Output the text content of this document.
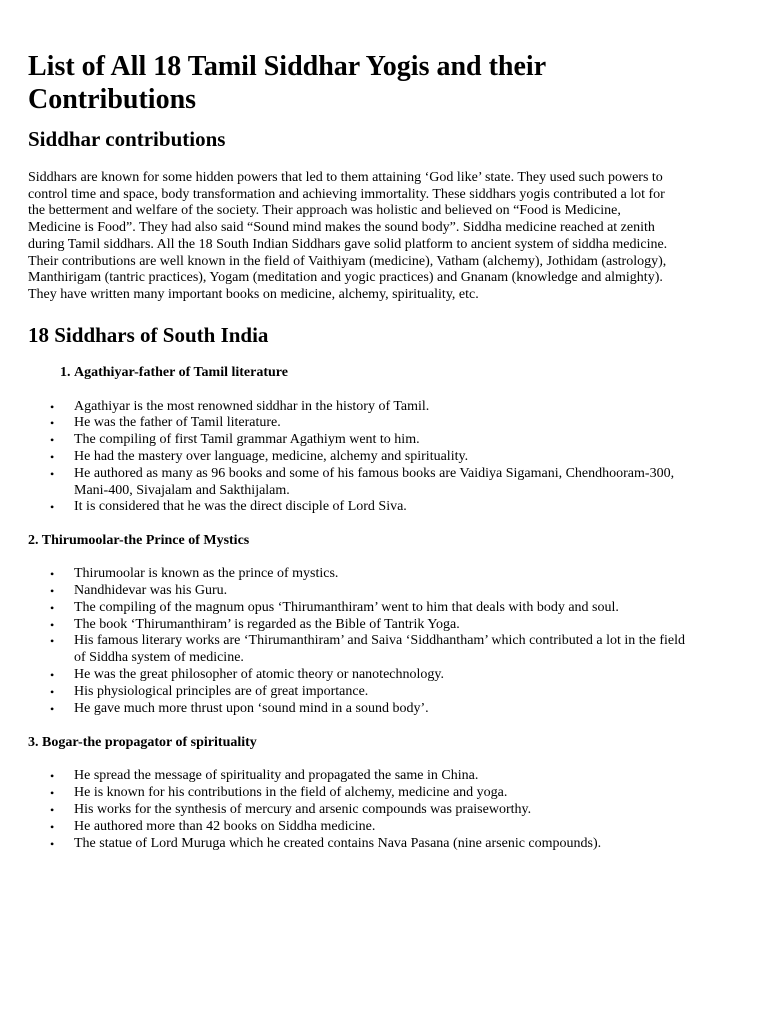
List of All 18 Tamil Siddhar Yogis and their Contributions
Siddhar contributions

Siddhars are known for some hidden powers that led to them attaining ‘God like’ state. They used such powers to control time and space, body transformation and achieving immortality. These siddhars yogis contributed a lot for the betterment and welfare of the society. Their approach was holistic and believed on “Food is Medicine, Medicine is Food”. They had also said “Sound mind makes the sound body”. Siddha medicine reached at zenith during Tamil siddhars. All the 18 South Indian Siddhars gave solid platform to ancient system of siddha medicine. Their contributions are well known in the field of Vaithiyam (medicine), Vatham (alchemy), Jothidam (astrology), Manthirigam (tantric practices), Yogam (meditation and yogic practices) and Gnanam (knowledge and almighty). They have written many important books on medicine, alchemy, spirituality, etc.

18 Siddhars of South India
1. Agathiyar-father of Tamil literature
• Agathiyar is the most renowned siddhar in the history of Tamil.
• He was the father of Tamil literature.
• The compiling of first Tamil grammar Agathiym went to him.
• He had the mastery over language, medicine, alchemy and spirituality.
• He authored as many as 96 books and some of his famous books are Vaidiya Sigamani, Chendhooram-300, Mani-400, Sivajalam and Sakthijalam.
• It is considered that he was the direct disciple of Lord Siva.

2. Thirumoolar-the Prince of Mystics

• Thirumoolar is known as the prince of mystics.
• Nandhidevar was his Guru.
• The compiling of the magnum opus ‘Thirumanthiram’ went to him that deals with body and soul.
• The book ‘Thirumanthiram’ is regarded as the Bible of Tantrik Yoga.
• His famous literary works are ‘Thirumanthiram’ and Saiva ‘Siddhantham’ which contributed a lot in the field of Siddha system of medicine.
• He was the great philosopher of atomic theory or nanotechnology.
• His physiological principles are of great importance.
• He gave much more thrust upon ‘sound mind in a sound body’.

3. Bogar-the propagator of spirituality

• He spread the message of spirituality and propagated the same in China.
• He is known for his contributions in the field of alchemy, medicine and yoga.
• His works for the synthesis of mercury and arsenic compounds was praiseworthy.
• He authored more than 42 books on Siddha medicine.
• The statue of Lord Muruga which he created contains Nava Pasana (nine arsenic compounds).
